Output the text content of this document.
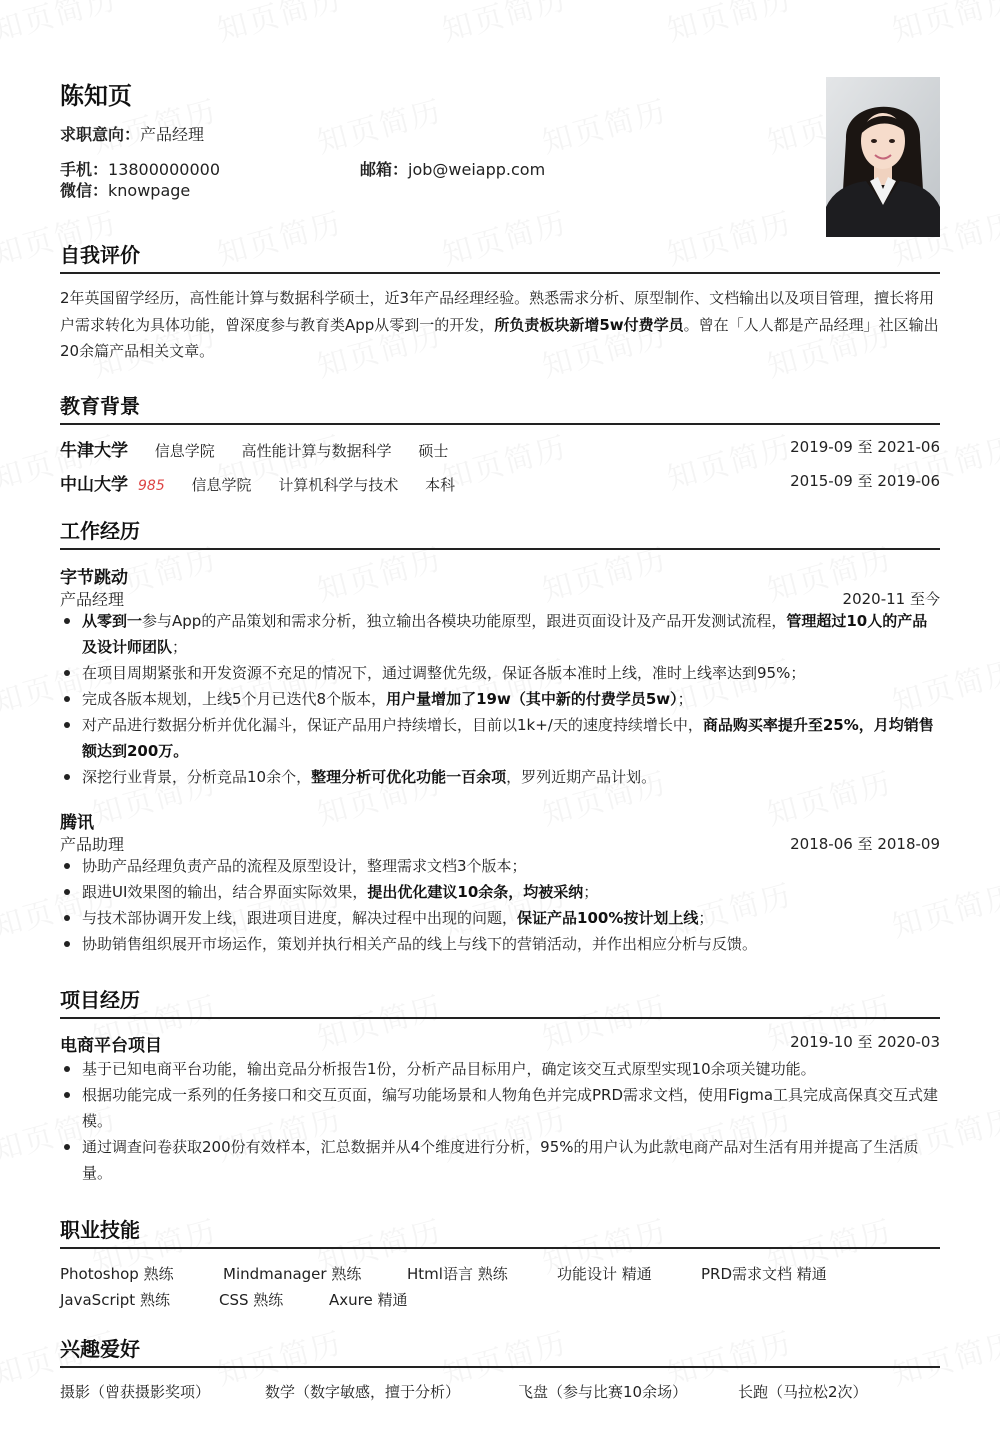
陈知页
求职意向：产品经理
手机：13800000000	邮箱：job@weiapp.com
微信：knowpage
自我评价
2年英国留学经历，高性能计算与数据科学硕士，近3年产品经理经验。熟悉需求分析、原型制作、文档输出以及项目管理，擅长将用户需求转化为具体功能，曾深度参与教育类App从零到一的开发，所负责板块新增5w付费学员。曾在「人人都是产品经理」社区输出20余篇产品相关文章。
教育背景
牛津大学 信息学院 高性能计算与数据科学 硕士	2019-09 至 2021-06
中山大学 985 信息学院 计算机科学与技术 本科	2015-09 至 2019-06
工作经历
字节跳动
产品经理	2020-11 至今
从零到一参与App的产品策划和需求分析，独立输出各模块功能原型，跟进页面设计及产品开发测试流程，管理超过10人的产品及设计师团队；
在项目周期紧张和开发资源不充足的情况下，通过调整优先级，保证各版本准时上线，准时上线率达到95%；
完成各版本规划，上线5个月已迭代8个版本，用户量增加了19w（其中新的付费学员5w）；
对产品进行数据分析并优化漏斗，保证产品用户持续增长，目前以1k+/天的速度持续增长中，商品购买率提升至25%，月均销售额达到200万。
深挖行业背景，分析竞品10余个，整理分析可优化功能一百余项，罗列近期产品计划。
腾讯
产品助理	2018-06 至 2018-09
协助产品经理负责产品的流程及原型设计，整理需求文档3个版本；
跟进UI效果图的输出，结合界面实际效果，提出优化建议10余条，均被采纳；
与技术部协调开发上线，跟进项目进度，解决过程中出现的问题，保证产品100%按计划上线；
协助销售组织展开市场运作，策划并执行相关产品的线上与线下的营销活动，并作出相应分析与反馈。
项目经历
电商平台项目	2019-10 至 2020-03
基于已知电商平台功能，输出竞品分析报告1份，分析产品目标用户，确定该交互式原型实现10余项关键功能。
根据功能完成一系列的任务接口和交互页面，编写功能场景和人物角色并完成PRD需求文档，使用Figma工具完成高保真交互式建模。
通过调查问卷获取200份有效样本，汇总数据并从4个维度进行分析，95%的用户认为此款电商产品对生活有用并提高了生活质量。
职业技能
Photoshop 熟练	Mindmanager 熟练	Html语言 熟练	功能设计 精通	PRD需求文档 精通
JavaScript 熟练	CSS 熟练	Axure 精通
兴趣爱好
摄影（曾获摄影奖项）	数学（数字敏感，擅于分析）	飞盘（参与比赛10余场）	长跑（马拉松2次）
